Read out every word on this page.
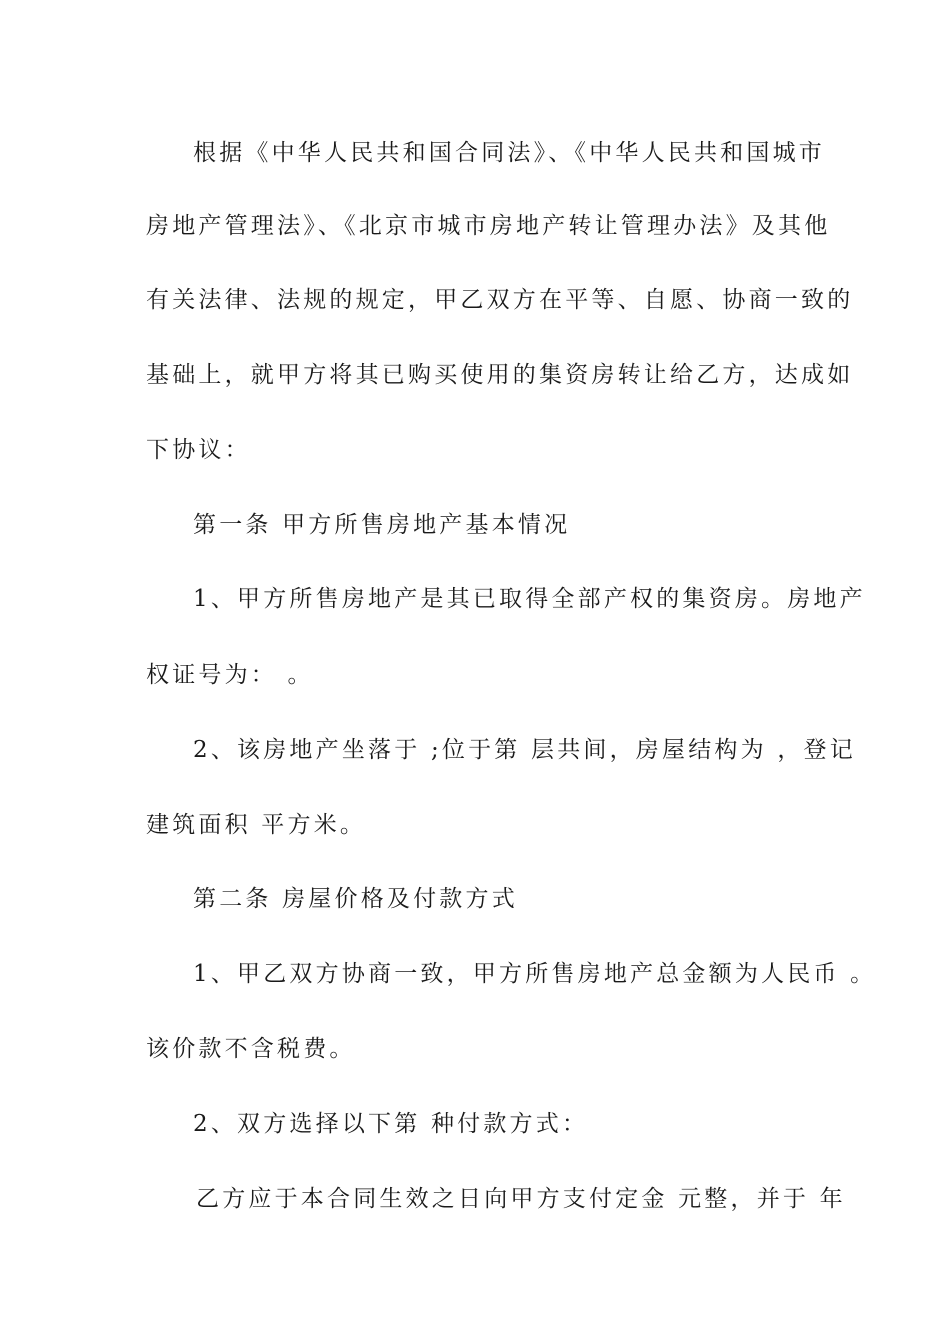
根据《中华人民共和国合同法》、《中华人民共和国城市
房地产管理法》、《北京市城市房地产转让管理办法》及其他
有关法律、法规的规定，甲乙双方在平等、自愿、协商一致的
基础上，就甲方将其已购买使用的集资房转让给乙方，达成如
下协议：
第一条 甲方所售房地产基本情况
1、甲方所售房地产是其已取得全部产权的集资房。房地产
权证号为： 。
2、该房地产坐落于 ;位于第 层共间，房屋结构为 ，登记
建筑面积 平方米。
第二条 房屋价格及付款方式
1、甲乙双方协商一致，甲方所售房地产总金额为人民币 。
该价款不含税费。
2、双方选择以下第 种付款方式：
乙方应于本合同生效之日向甲方支付定金 元整，并于 年
